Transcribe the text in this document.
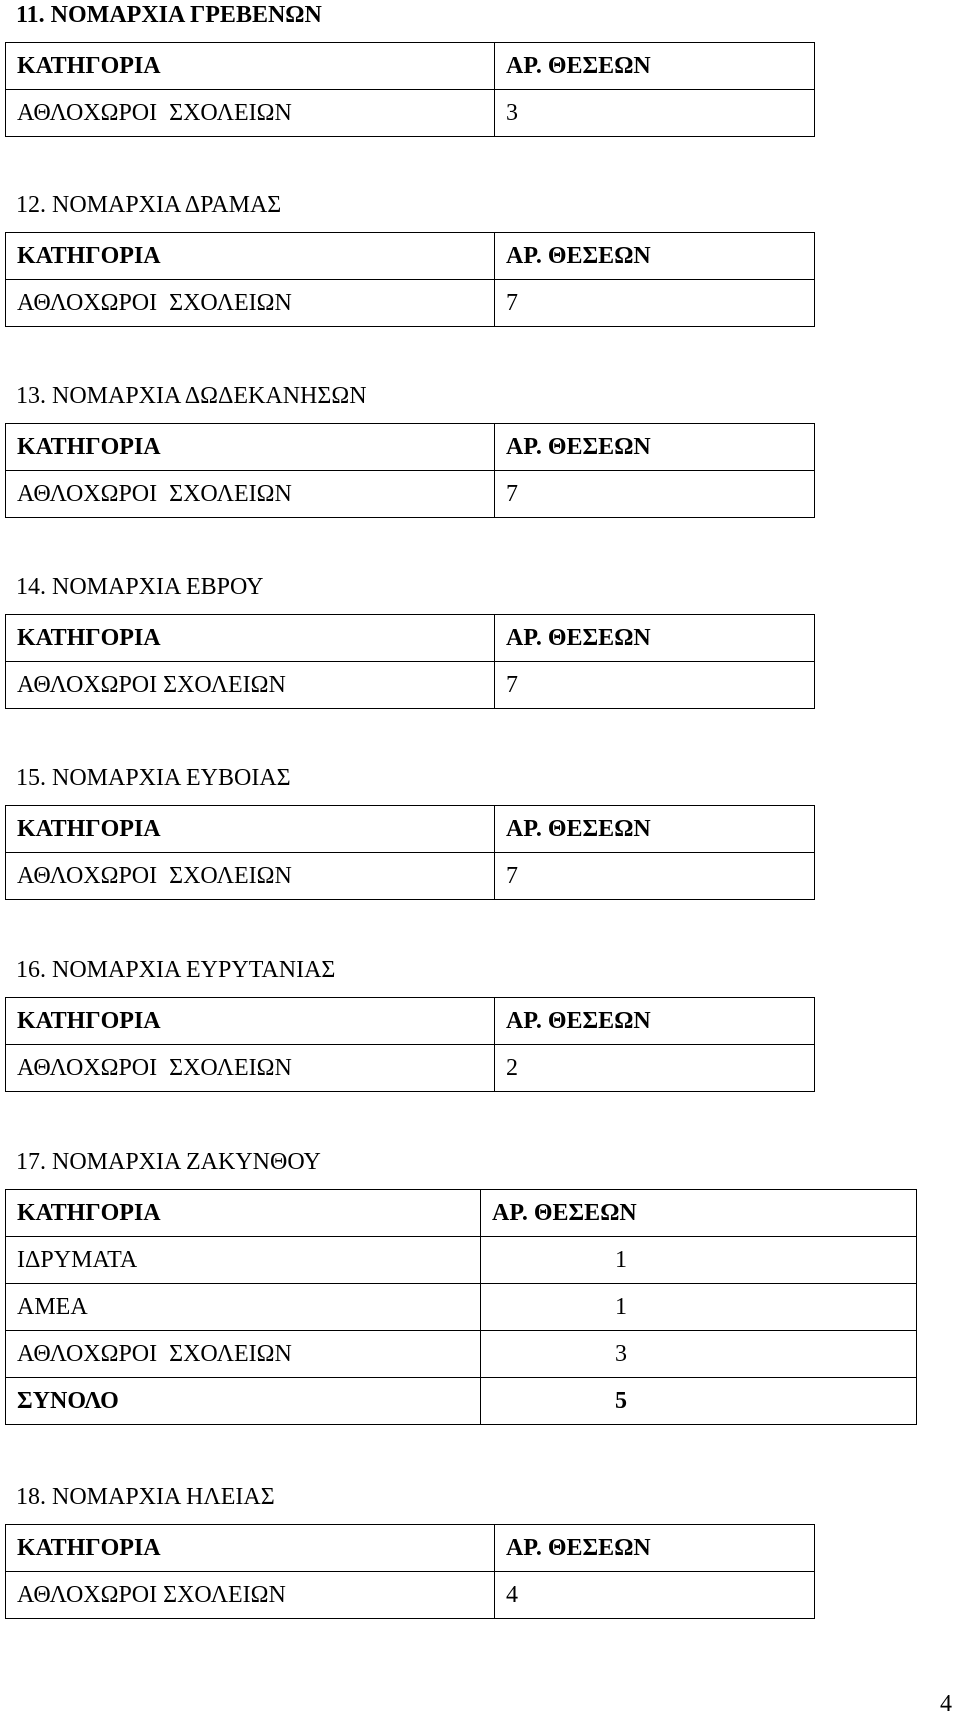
11. ΝΟΜΑΡΧΙΑ ΓΡΕΒΕΝΩΝ
ΚΑΤΗΓΟΡΙΑ	ΑΡ. ΘΕΣΕΩΝ
ΑΘΛΟΧΩΡΟΙ  ΣΧΟΛΕΙΩΝ	3
12. ΝΟΜΑΡΧΙΑ ΔΡΑΜΑΣ
ΚΑΤΗΓΟΡΙΑ	ΑΡ. ΘΕΣΕΩΝ
ΑΘΛΟΧΩΡΟΙ  ΣΧΟΛΕΙΩΝ	7
13. ΝΟΜΑΡΧΙΑ ΔΩΔΕΚΑΝΗΣΩΝ
ΚΑΤΗΓΟΡΙΑ	ΑΡ. ΘΕΣΕΩΝ
ΑΘΛΟΧΩΡΟΙ  ΣΧΟΛΕΙΩΝ	7
14. ΝΟΜΑΡΧΙΑ ΕΒΡΟΥ
ΚΑΤΗΓΟΡΙΑ	ΑΡ. ΘΕΣΕΩΝ
ΑΘΛΟΧΩΡΟΙ ΣΧΟΛΕΙΩΝ	7
15. ΝΟΜΑΡΧΙΑ ΕΥΒΟΙΑΣ
ΚΑΤΗΓΟΡΙΑ	ΑΡ. ΘΕΣΕΩΝ
ΑΘΛΟΧΩΡΟΙ  ΣΧΟΛΕΙΩΝ	7
16. ΝΟΜΑΡΧΙΑ ΕΥΡΥΤΑΝΙΑΣ
ΚΑΤΗΓΟΡΙΑ	ΑΡ. ΘΕΣΕΩΝ
ΑΘΛΟΧΩΡΟΙ  ΣΧΟΛΕΙΩΝ	2
17. ΝΟΜΑΡΧΙΑ ΖΑΚΥΝΘΟΥ
ΚΑΤΗΓΟΡΙΑ	ΑΡ. ΘΕΣΕΩΝ
ΙΔΡΥΜΑΤΑ	1
ΑΜΕΑ	1
ΑΘΛΟΧΩΡΟΙ  ΣΧΟΛΕΙΩΝ	3
ΣΥΝΟΛΟ	5
18. ΝΟΜΑΡΧΙΑ ΗΛΕΙΑΣ
ΚΑΤΗΓΟΡΙΑ	ΑΡ. ΘΕΣΕΩΝ
ΑΘΛΟΧΩΡΟΙ ΣΧΟΛΕΙΩΝ	4
4
